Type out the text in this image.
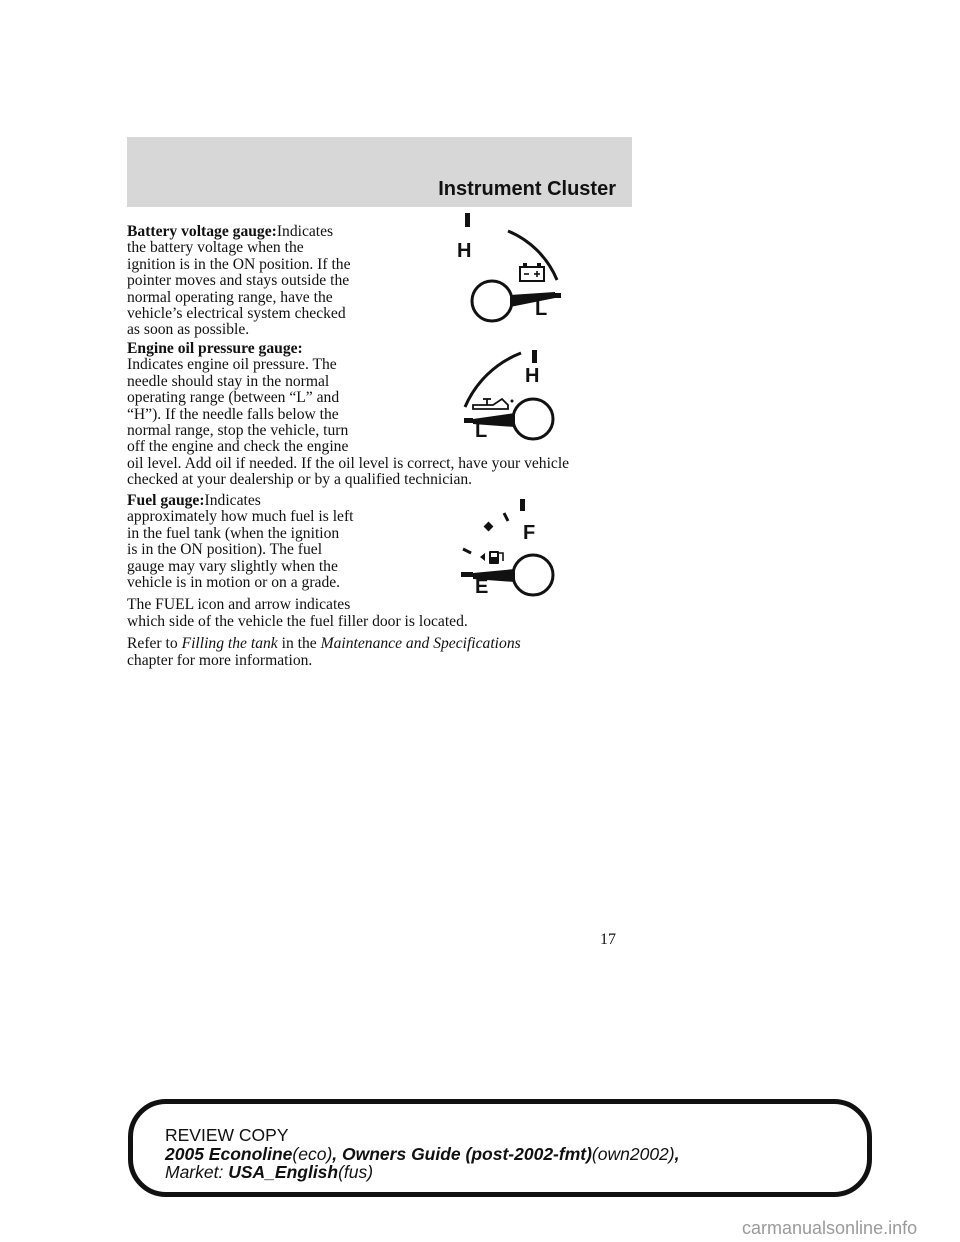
Instrument Cluster

Battery voltage gauge:Indicates
the battery voltage when the
ignition is in the ON position. If the
pointer moves and stays outside the
normal operating range, have the
vehicle’s electrical system checked
as soon as possible.

H
L

Engine oil pressure gauge:
Indicates engine oil pressure. The
needle should stay in the normal
operating range (between “L” and
“H”). If the needle falls below the
normal range, stop the vehicle, turn
off the engine and check the engine
oil level. Add oil if needed. If the oil level is correct, have your vehicle
checked at your dealership or by a qualified technician.

H
L

Fuel gauge:Indicates
approximately how much fuel is left
in the fuel tank (when the ignition
is in the ON position). The fuel
gauge may vary slightly when the
vehicle is in motion or on a grade.

The FUEL icon and arrow indicates
which side of the vehicle the fuel filler door is located.

Refer to Filling the tank in the Maintenance and Specifications
chapter for more information.

F
E
17
REVIEW COPY
2005 Econoline(eco), Owners Guide (post-2002-fmt)(own2002),
Market: USA_English(fus)
carmanualsonline.info
